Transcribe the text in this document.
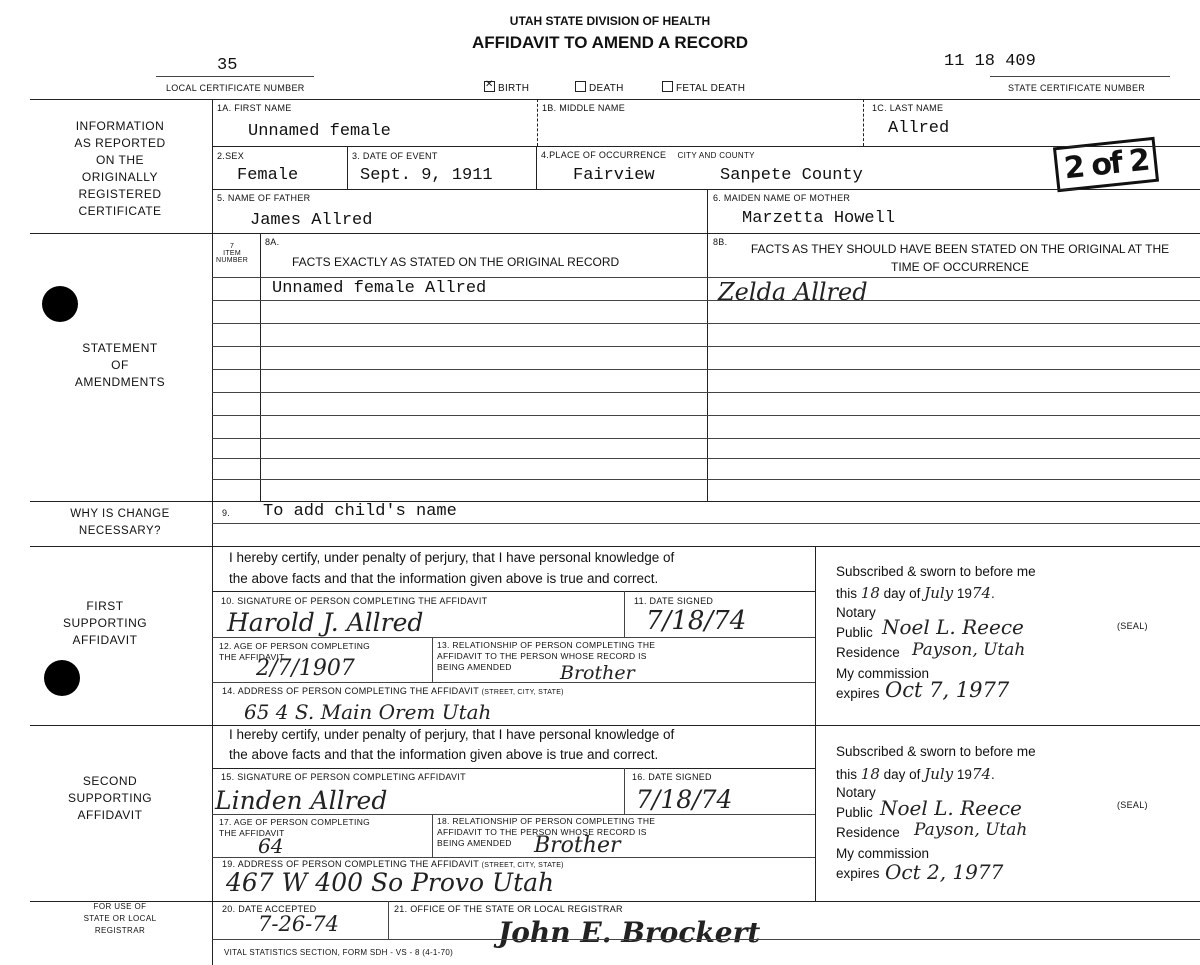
UTAH STATE DIVISION OF HEALTH
AFFIDAVIT TO AMEND A RECORD
35
LOCAL CERTIFICATE NUMBER
✕	BIRTH	DEATH	FETAL DEATH
11 18 409
STATE CERTIFICATE NUMBER
2 of 2
INFORMATION
AS REPORTED
ON THE
ORIGINALLY
REGISTERED
CERTIFICATE
1A. FIRST NAME
Unnamed female
1B. MIDDLE NAME	1C. LAST NAME
Allred
2.SEX
Female
3. DATE OF EVENT
Sept. 9, 1911
4.PLACE OF OCCURRENCE CITY AND COUNTY
Fairview	Sanpete County
5. NAME OF FATHER
James Allred
6. MAIDEN NAME OF MOTHER
Marzetta Howell
STATEMENT
OF
AMENDMENTS
7
ITEM
NUMBER
8A.
FACTS EXACTLY AS STATED ON THE ORIGINAL RECORD
8B.	FACTS AS THEY SHOULD HAVE BEEN STATED ON THE ORIGINAL AT THE TIME OF OCCURRENCE
Unnamed female Allred	Zelda Allred
WHY IS CHANGE
NECESSARY?
9. To add child's name
FIRST
SUPPORTING
AFFIDAVIT
I hereby certify, under penalty of perjury, that I have personal knowledge of
the above facts and that the information given above is true and correct.
10. SIGNATURE OF PERSON COMPLETING THE AFFIDAVIT
Harold J. Allred
11. DATE SIGNED
7/18/74
12. AGE OF PERSON COMPLETING
THE AFFIDAVIT
2/7/1907
13. RELATIONSHIP OF PERSON COMPLETING THE
AFFIDAVIT TO THE PERSON WHOSE RECORD IS
BEING AMENDED	Brother
14. ADDRESS OF PERSON COMPLETING THE AFFIDAVIT (STREET, CITY, STATE)
65 4 S. Main Orem Utah
Subscribed & sworn to before me
this 18 day of July 1974.
Notary
Public Noel L. Reece
Residence Payson, Utah
My commission
expires Oct 7, 1977
(SEAL)
SECOND
SUPPORTING
AFFIDAVIT
I hereby certify, under penalty of perjury, that I have personal knowledge of
the above facts and that the information given above is true and correct.
15. SIGNATURE OF PERSON COMPLETING AFFIDAVIT
Linden Allred
16. DATE SIGNED
7/18/74
17. AGE OF PERSON COMPLETING
THE AFFIDAVIT
64
18. RELATIONSHIP OF PERSON COMPLETING THE
AFFIDAVIT TO THE PERSON WHOSE RECORD IS
BEING AMENDED	Brother
19. ADDRESS OF PERSON COMPLETING THE AFFIDAVIT (STREET, CITY, STATE)
467 W 400 So Provo Utah
Subscribed & sworn to before me
this 18 day of July 1974.
Notary
Public Noel L. Reece
Residence Payson, Utah
My commission
expires Oct 2, 1977
(SEAL)
FOR USE OF
STATE OR LOCAL
REGISTRAR
20. DATE ACCEPTED
7-26-74
21. OFFICE OF THE STATE OR LOCAL REGISTRAR
John E. Brockert
VITAL STATISTICS SECTION, FORM SDH - VS - 8 (4-1-70)
